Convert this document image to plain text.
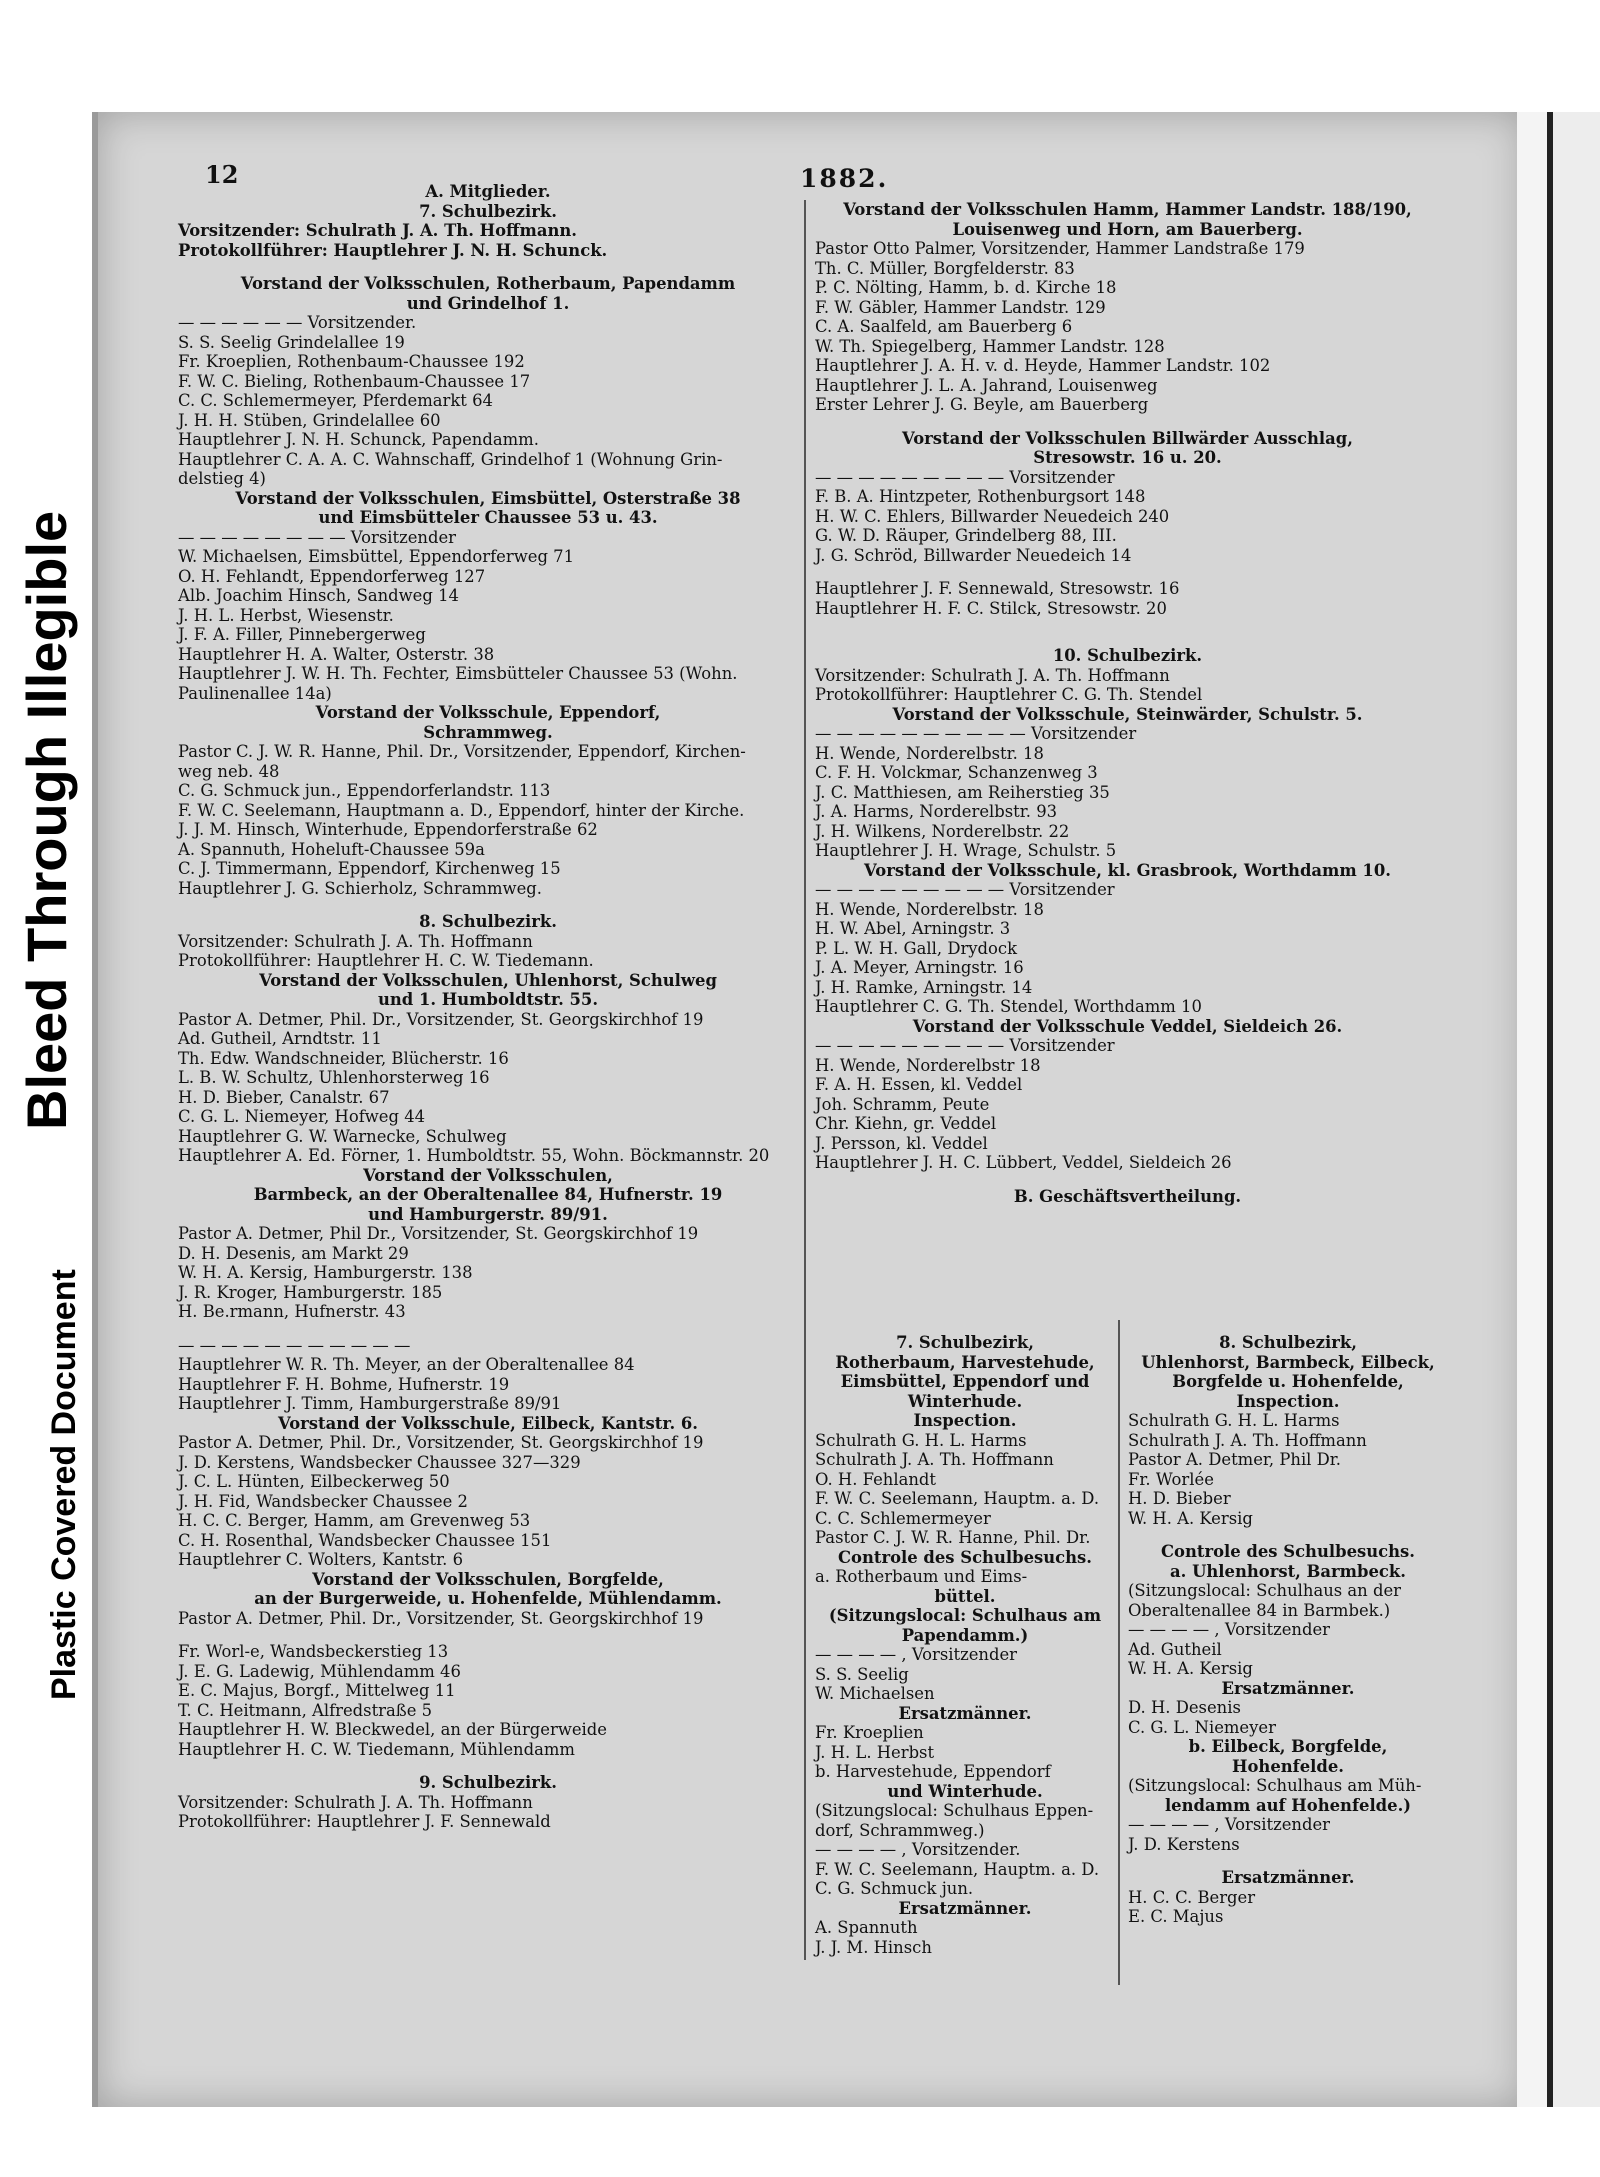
Bleed Through Illegible
Plastic Covered Document
12	1882.

A. Mitglieder.

7. Schulbezirk.

Vorsitzender: Schulrath J. A. Th. Hoffmann.

Protokollführer: Hauptlehrer J. N. H. Schunck.

Vorstand der Volksschulen, Rotherbaum, Papendamm

und Grindelhof 1.

— — — — — — Vorsitzender.

S. S. Seelig Grindelallee 19

Fr. Kroeplien, Rothenbaum-Chaussee 192

F. W. C. Bieling, Rothenbaum-Chaussee 17

C. C. Schlemermeyer, Pferdemarkt 64

J. H. H. Stüben, Grindelallee 60

Hauptlehrer J. N. H. Schunck, Papendamm.

Hauptlehrer C. A. A. C. Wahnschaff, Grindelhof 1 (Wohnung Grin-

delstieg 4)

Vorstand der Volksschulen, Eimsbüttel, Osterstraße 38

und Eimsbütteler Chaussee 53 u. 43.

— — — — — — — — Vorsitzender

W. Michaelsen, Eimsbüttel, Eppendorferweg 71

O. H. Fehlandt, Eppendorferweg 127

Alb. Joachim Hinsch, Sandweg 14

J. H. L. Herbst, Wiesenstr.

J. F. A. Filler, Pinnebergerweg

Hauptlehrer H. A. Walter, Osterstr. 38

Hauptlehrer J. W. H. Th. Fechter, Eimsbütteler Chaussee 53 (Wohn.

Paulinenallee 14a)

Vorstand der Volksschule, Eppendorf,

Schrammweg.

Pastor C. J. W. R. Hanne, Phil. Dr., Vorsitzender, Eppendorf, Kirchen-

weg neb. 48

C. G. Schmuck jun., Eppendorferlandstr. 113

F. W. C. Seelemann, Hauptmann a. D., Eppendorf, hinter der Kirche.

J. J. M. Hinsch, Winterhude, Eppendorferstraße 62

A. Spannuth, Hoheluft-Chaussee 59a

C. J. Timmermann, Eppendorf, Kirchenweg 15

Hauptlehrer J. G. Schierholz, Schrammweg.

8. Schulbezirk.

Vorsitzender: Schulrath J. A. Th. Hoffmann

Protokollführer: Hauptlehrer H. C. W. Tiedemann.

Vorstand der Volksschulen, Uhlenhorst, Schulweg

und 1. Humboldtstr. 55.

Pastor A. Detmer, Phil. Dr., Vorsitzender, St. Georgskirchhof 19

Ad. Gutheil, Arndtstr. 11

Th. Edw. Wandschneider, Blücherstr. 16

L. B. W. Schultz, Uhlenhorsterweg 16

H. D. Bieber, Canalstr. 67

C. G. L. Niemeyer, Hofweg 44

Hauptlehrer G. W. Warnecke, Schulweg

Hauptlehrer A. Ed. Förner, 1. Humboldtstr. 55, Wohn. Böckmannstr. 20

Vorstand der Volksschulen,

Barmbeck, an der Oberaltenallee 84, Hufnerstr. 19

und Hamburgerstr. 89/91.

Pastor A. Detmer, Phil Dr., Vorsitzender, St. Georgskirchhof 19

D. H. Desenis, am Markt 29

W. H. A. Kersig, Hamburgerstr. 138

J. R. Kroger, Hamburgerstr. 185

H. Be.rmann, Hufnerstr. 43

— — — — — — — — — — —

Hauptlehrer W. R. Th. Meyer, an der Oberaltenallee 84

Hauptlehrer F. H. Bohme, Hufnerstr. 19

Hauptlehrer J. Timm, Hamburgerstraße 89/91

Vorstand der Volksschule, Eilbeck, Kantstr. 6.

Pastor A. Detmer, Phil. Dr., Vorsitzender, St. Georgskirchhof 19

J. D. Kerstens, Wandsbecker Chaussee 327—329

J. C. L. Hünten, Eilbeckerweg 50

J. H. Fid, Wandsbecker Chaussee 2

H. C. C. Berger, Hamm, am Grevenweg 53

C. H. Rosenthal, Wandsbecker Chaussee 151

Hauptlehrer C. Wolters, Kantstr. 6

Vorstand der Volksschulen, Borgfelde,

an der Burgerweide, u. Hohenfelde, Mühlendamm.

Pastor A. Detmer, Phil. Dr., Vorsitzender, St. Georgskirchhof 19

Fr. Worl-e, Wandsbeckerstieg 13

J. E. G. Ladewig, Mühlendamm 46

E. C. Majus, Borgf., Mittelweg 11

T. C. Heitmann, Alfredstraße 5

Hauptlehrer H. W. Bleckwedel, an der Bürgerweide

Hauptlehrer H. C. W. Tiedemann, Mühlendamm

9. Schulbezirk.

Vorsitzender: Schulrath J. A. Th. Hoffmann

Protokollführer: Hauptlehrer J. F. Sennewald

Vorstand der Volksschulen Hamm, Hammer Landstr. 188/190,

Louisenweg und Horn, am Bauerberg.

Pastor Otto Palmer, Vorsitzender, Hammer Landstraße 179

Th. C. Müller, Borgfelderstr. 83

P. C. Nölting, Hamm, b. d. Kirche 18

F. W. Gäbler, Hammer Landstr. 129

C. A. Saalfeld, am Bauerberg 6

W. Th. Spiegelberg, Hammer Landstr. 128

Hauptlehrer J. A. H. v. d. Heyde, Hammer Landstr. 102

Hauptlehrer J. L. A. Jahrand, Louisenweg

Erster Lehrer J. G. Beyle, am Bauerberg

Vorstand der Volksschulen Billwärder Ausschlag,

Stresowstr. 16 u. 20.

— — — — — — — — — Vorsitzender

F. B. A. Hintzpeter, Rothenburgsort 148

H. W. C. Ehlers, Billwarder Neuedeich 240

G. W. D. Räuper, Grindelberg 88, III.

J. G. Schröd, Billwarder Neuedeich 14

Hauptlehrer J. F. Sennewald, Stresowstr. 16

Hauptlehrer H. F. C. Stilck, Stresowstr. 20

10. Schulbezirk.

Vorsitzender: Schulrath J. A. Th. Hoffmann

Protokollführer: Hauptlehrer C. G. Th. Stendel

Vorstand der Volksschule, Steinwärder, Schulstr. 5.

— — — — — — — — — — Vorsitzender

H. Wende, Norderelbstr. 18

C. F. H. Volckmar, Schanzenweg 3

J. C. Matthiesen, am Reiherstieg 35

J. A. Harms, Norderelbstr. 93

J. H. Wilkens, Norderelbstr. 22

Hauptlehrer J. H. Wrage, Schulstr. 5

Vorstand der Volksschule, kl. Grasbrook, Worthdamm 10.

— — — — — — — — — Vorsitzender

H. Wende, Norderelbstr. 18

H. W. Abel, Arningstr. 3

P. L. W. H. Gall, Drydock

J. A. Meyer, Arningstr. 16

J. H. Ramke, Arningstr. 14

Hauptlehrer C. G. Th. Stendel, Worthdamm 10

Vorstand der Volksschule Veddel, Sieldeich 26.

— — — — — — — — — Vorsitzender

H. Wende, Norderelbstr 18

F. A. H. Essen, kl. Veddel

Joh. Schramm, Peute

Chr. Kiehn, gr. Veddel

J. Persson, kl. Veddel

Hauptlehrer J. H. C. Lübbert, Veddel, Sieldeich 26

B. Geschäftsvertheilung.

7. Schulbezirk,

Rotherbaum, Harvestehude,

Eimsbüttel, Eppendorf und

Winterhude.

Inspection.

Schulrath G. H. L. Harms

Schulrath J. A. Th. Hoffmann

O. H. Fehlandt

F. W. C. Seelemann, Hauptm. a. D.

C. C. Schlemermeyer

Pastor C. J. W. R. Hanne, Phil. Dr.

Controle des Schulbesuchs.

a. Rotherbaum und Eims-

büttel.

(Sitzungslocal: Schulhaus am

Papendamm.)

— — — — , Vorsitzender

S. S. Seelig

W. Michaelsen

Ersatzmänner.

Fr. Kroeplien

J. H. L. Herbst

b. Harvestehude, Eppendorf

und Winterhude.

(Sitzungslocal: Schulhaus Eppen-

dorf, Schrammweg.)

— — — — , Vorsitzender.

F. W. C. Seelemann, Hauptm. a. D.

C. G. Schmuck jun.

Ersatzmänner.

A. Spannuth

J. J. M. Hinsch

8. Schulbezirk,

Uhlenhorst, Barmbeck, Eilbeck,

Borgfelde u. Hohenfelde,

Inspection.

Schulrath G. H. L. Harms

Schulrath J. A. Th. Hoffmann

Pastor A. Detmer, Phil Dr.

Fr. Worlée

H. D. Bieber

W. H. A. Kersig

Controle des Schulbesuchs.

a. Uhlenhorst, Barmbeck.

(Sitzungslocal: Schulhaus an der

Oberaltenallee 84 in Barmbek.)

— — — — , Vorsitzender

Ad. Gutheil

W. H. A. Kersig

Ersatzmänner.

D. H. Desenis

C. G. L. Niemeyer

b. Eilbeck, Borgfelde,

Hohenfelde.

(Sitzungslocal: Schulhaus am Müh-

lendamm auf Hohenfelde.)

— — — — , Vorsitzender

J. D. Kerstens

Ersatzmänner.

H. C. C. Berger

E. C. Majus
